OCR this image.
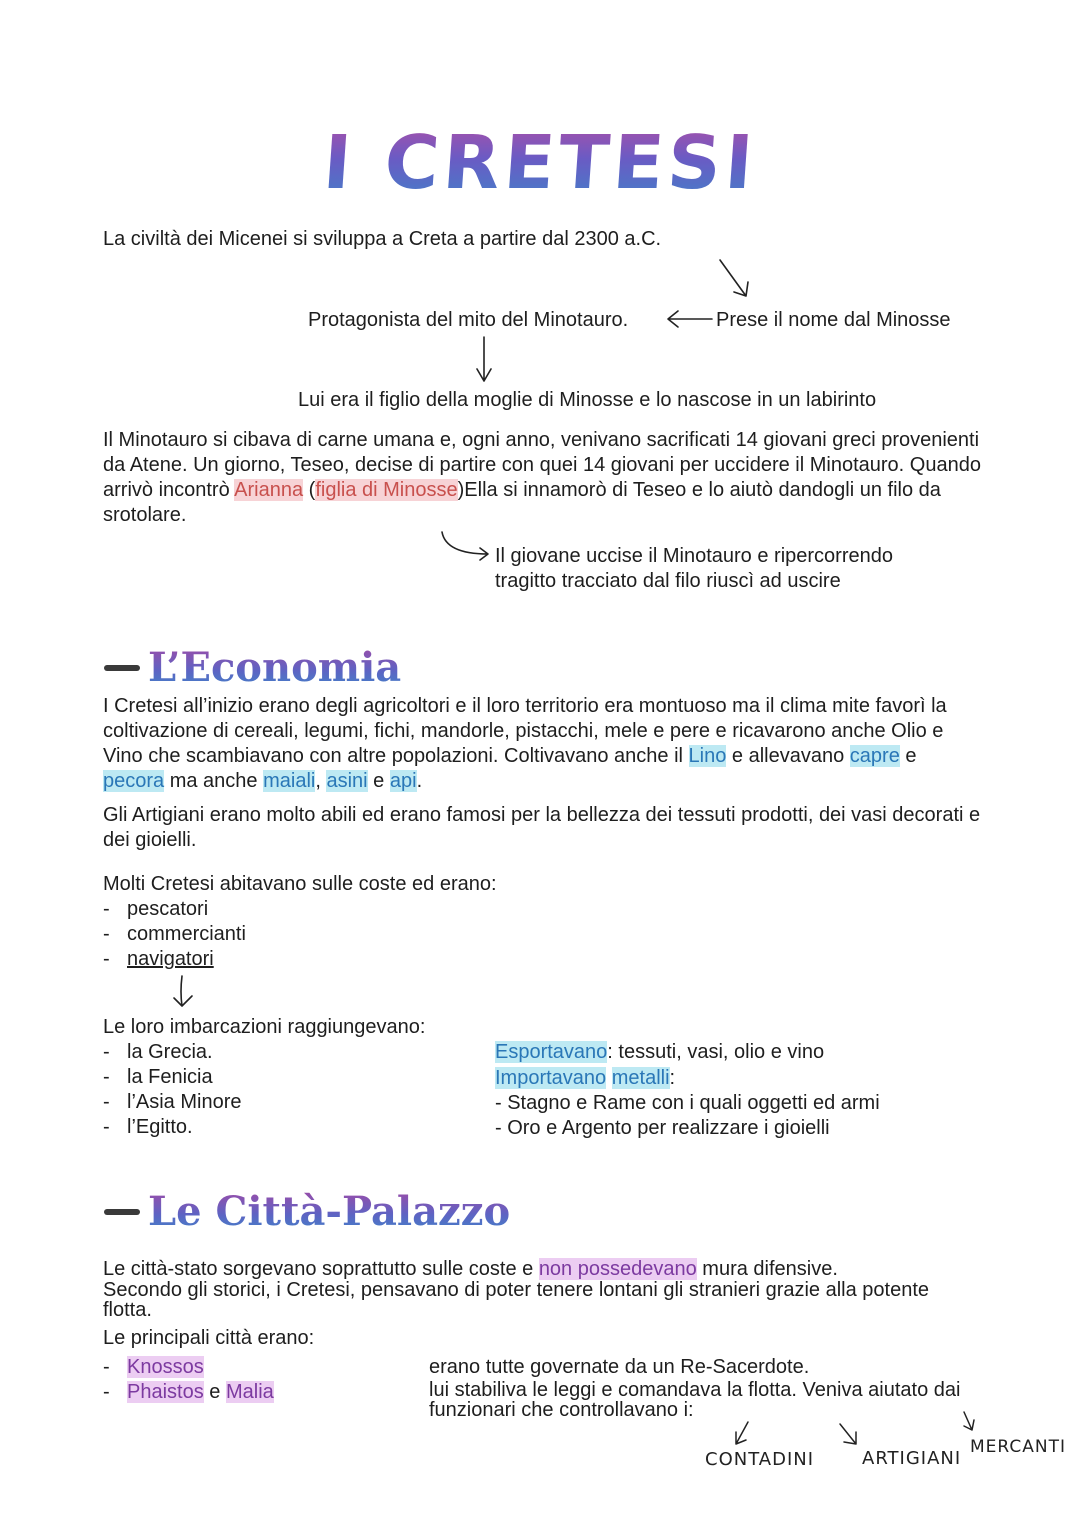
I CRETESI
La civiltà dei Micenei si sviluppa a Creta a partire dal 2300 a.C.
Protagonista del mito del Minotauro.	Prese il nome dal Minosse
Lui era il figlio della moglie di Minosse e lo nascose in un labirinto
Il Minotauro si cibava di carne umana e, ogni anno, venivano sacrificati 14 giovani greci provenienti da Atene. Un giorno, Teseo, decise di partire con quei 14 giovani per uccidere il Minotauro. Quando arrivò incontrò Arianna (figlia di Minosse)Ella si innamorò di Teseo e lo aiutò dandogli un filo da srotolare.
Il giovane uccise il Minotauro e ripercorrendo
tragitto tracciato dal filo riuscì ad uscire
L’Economia
I Cretesi all’inizio erano degli agricoltori e il loro territorio era montuoso ma il clima mite favorì la coltivazione di cereali, legumi, fichi, mandorle, pistacchi, mele e pere e ricavarono anche Olio e Vino che scambiavano con altre popolazioni. Coltivavano anche il Lino e allevavano capre e pecora ma anche maiali, asini e api.
Gli Artigiani erano molto abili ed erano famosi per la bellezza dei tessuti prodotti, dei vasi decorati e dei gioielli.
Molti Cretesi abitavano sulle coste ed erano:
- pescatori
- commercianti
- navigatori
Le loro imbarcazioni raggiungevano:
- la Grecia.
- la Fenicia
- l’Asia Minore
- l’Egitto.
Esportavano: tessuti, vasi, olio e vino
Importavano metalli:
- Stagno e Rame con i quali oggetti ed armi
- Oro e Argento per realizzare i gioielli
Le Città-Palazzo
Le città-stato sorgevano soprattutto sulle coste e non possedevano mura difensive.
Secondo gli storici, i Cretesi, pensavano di poter tenere lontani gli stranieri grazie alla potente flotta.
Le principali città erano:
- Knossos
- Phaistos e Malia
erano tutte governate da un Re-Sacerdote.
lui stabiliva le leggi e comandava la flotta. Veniva aiutato dai funzionari che controllavano i:
CONTADINI	ARTIGIANI
MERCANTI
